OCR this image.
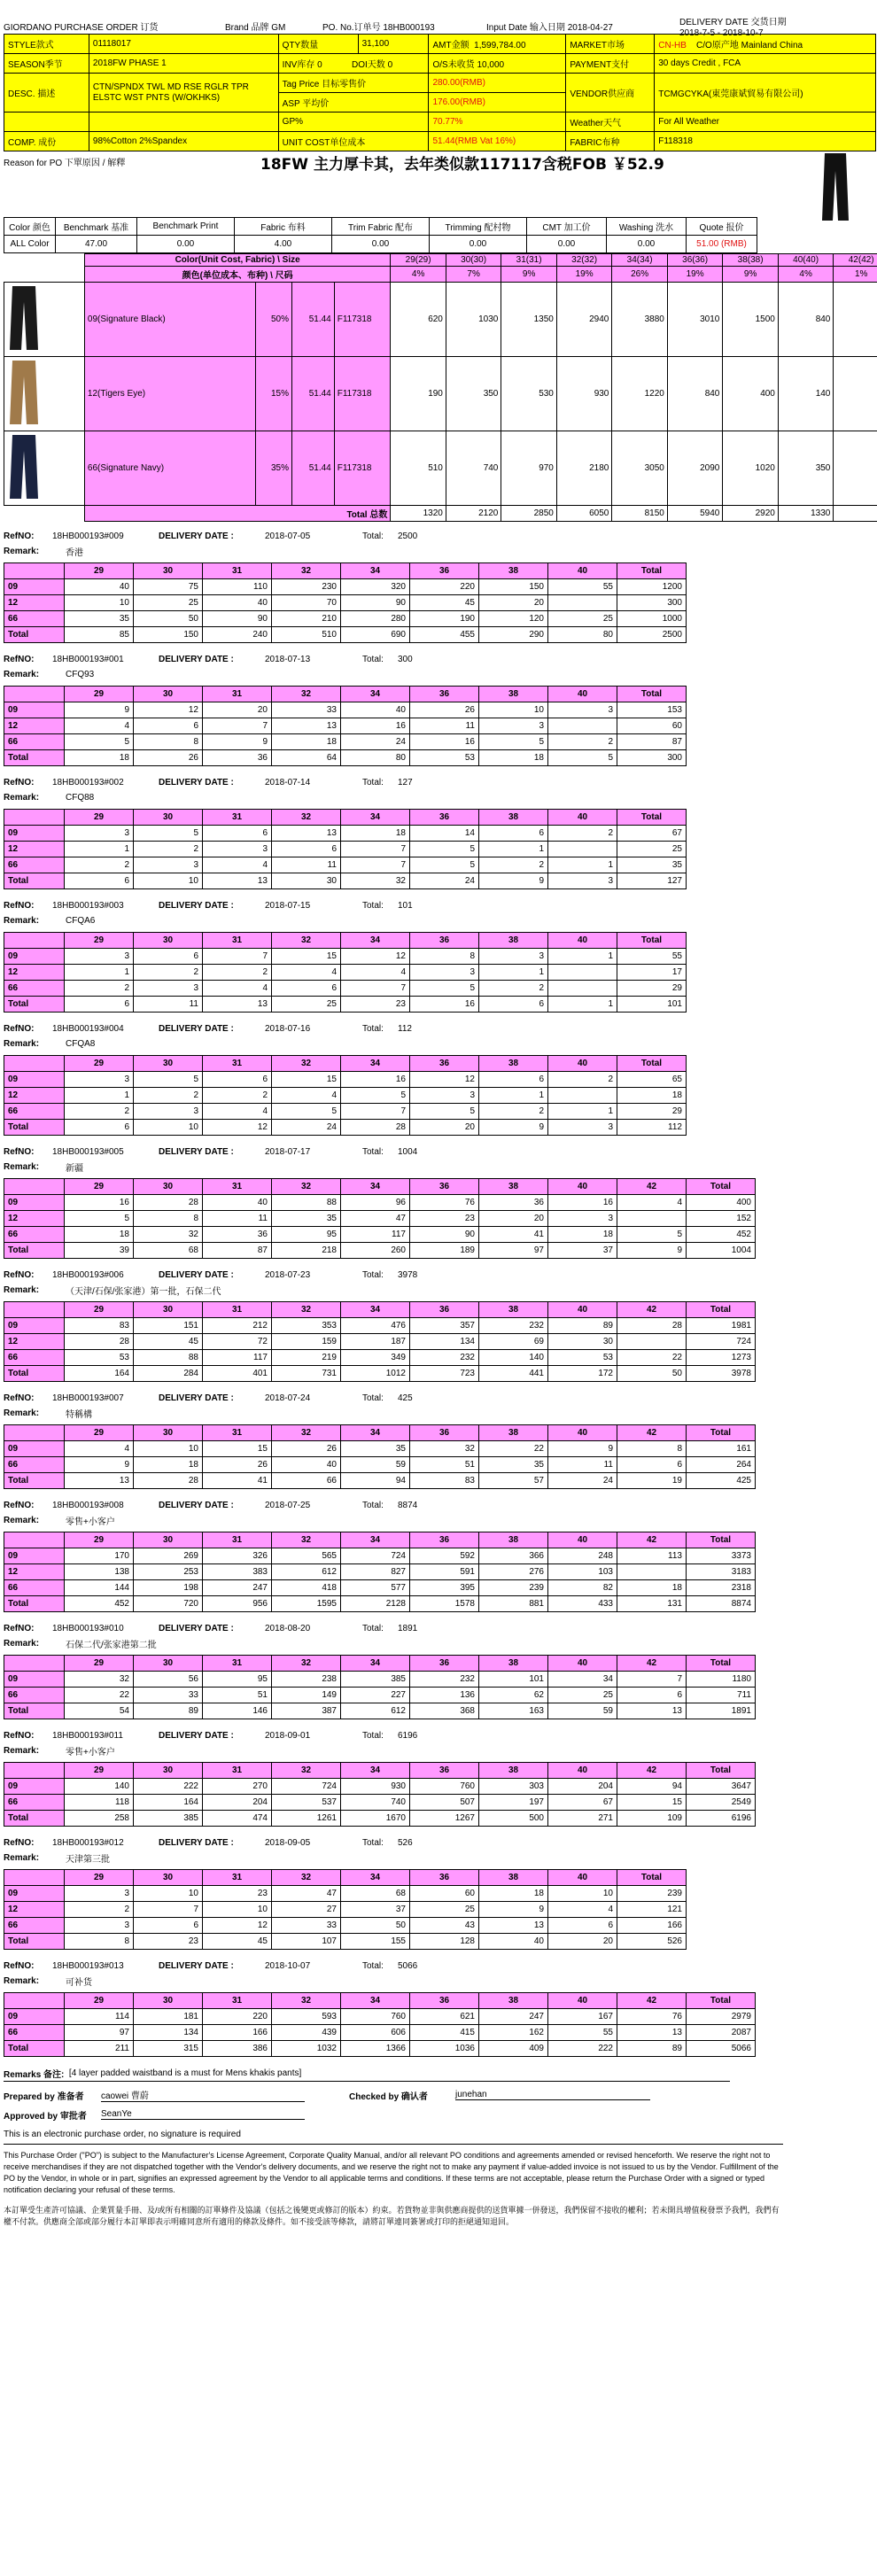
GIORDANO PURCHASE ORDER 订货	Brand 品牌 GM	PO. No.订单号 18HB000193	Input Date 输入日期 2018-04-27
DELIVERY DATE 交货日期 2018-7-5 - 2018-10-7
STYLE款式	01118017	QTY数量	31,100	AMT金额 1,599,784.00	MARKET市场	CN-HB C/O原产地 Mainland China
SEASON季节	2018FW PHASE 1	INV库存 0 DOI天数 0		O/S未收货 10,000	PAYMENT支付	30 days Credit , FCA
DESC. 描述	CTN/SPNDX TWL MD RSE RGLR TPR ELSTC WST PNTS (W/OKHKS)	Tag Price 目标零售价		280.00(RMB)	VENDOR供应商	TCMGCYKA(東莞康斌貿易有限公司)
		ASP 平均价		176.00(RMB)		
		GP%		70.77%	Weather天气	For All Weather
COMP. 成份	98%Cotton 2%Spandex	UNIT COST单位成本		51.44(RMB Vat 16%)	FABRIC布种	F118318
Reason for PO 下單原因 / 解釋	18FW 主力厚卡其，去年类似款117117含税FOB ￥52.9
Color 颜色	Benchmark 基准	Benchmark Print	Fabric 布料	Trim Fabric 配布	Trimming 配村物	CMT 加工价	Washing 洗水	Quote 报价
ALL Color	47.00	0.00	4.00	0.00	0.00	0.00	0.00	51.00 (RMB)
	Color(Unit Cost, Fabric) \ Size				29(29)	30(30)	31(31)	32(32)	34(34)	36(36)	38(38)	40(40)	42(42)
	颜色(单位成本、布种) \ 尺码				4%	7%	9%	19%	26%	19%	9%	4%	1%
	09(Signature Black)	50%	51.44	F117318	620	1030	1350	2940	3880	3010	1500	840	
	12(Tigers Eye)	15%	51.44	F117318	190	350	530	930	1220	840	400	140	
	66(Signature Navy)	35%	51.44	F117318	510	740	970	2180	3050	2090	1020	350	
	Total 总数				1320	2120	2850	6050	8150	5940	2920	1330	
RefNO:	18HB000193#009	DELIVERY DATE :	2018-07-05	Total:	2500
Remark:	香港
	29	30	31	32	34	36	38	40	Total
09	40	75	110	230	320	220	150	55	1200
12	10	25	40	70	90	45	20		300
66	35	50	90	210	280	190	120	25	1000
Total	85	150	240	510	690	455	290	80	2500
RefNO:	18HB000193#001	DELIVERY DATE :	2018-07-13	Total:	300
Remark:	CFQ93
	29	30	31	32	34	36	38	40	Total
09	9	12	20	33	40	26	10	3	153
12	4	6	7	13	16	11	3		60
66	5	8	9	18	24	16	5	2	87
Total	18	26	36	64	80	53	18	5	300
RefNO:	18HB000193#002	DELIVERY DATE :	2018-07-14	Total:	127
Remark:	CFQ88
	29	30	31	32	34	36	38	40	Total
09	3	5	6	13	18	14	6	2	67
12	1	2	3	6	7	5	1		25
66	2	3	4	11	7	5	2	1	35
Total	6	10	13	30	32	24	9	3	127
RefNO:	18HB000193#003	DELIVERY DATE :	2018-07-15	Total:	101
Remark:	CFQA6
	29	30	31	32	34	36	38	40	Total
09	3	6	7	15	12	8	3	1	55
12	1	2	2	4	4	3	1		17
66	2	3	4	6	7	5	2		29
Total	6	11	13	25	23	16	6	1	101
RefNO:	18HB000193#004	DELIVERY DATE :	2018-07-16	Total:	112
Remark:	CFQA8
	29	30	31	32	34	36	38	40	Total
09	3	5	6	15	16	12	6	2	65
12	1	2	2	4	5	3	1		18
66	2	3	4	5	7	5	2	1	29
Total	6	10	12	24	28	20	9	3	112
RefNO:	18HB000193#005	DELIVERY DATE :	2018-07-17	Total:	1004
Remark:	新疆
	29	30	31	32	34	36	38	40	42	Total
09	16	28	40	88	96	76	36	16	4	400
12	5	8	11	35	47	23	20	3		152
66	18	32	36	95	117	90	41	18	5	452
Total	39	68	87	218	260	189	97	37	9	1004
RefNO:	18HB000193#006	DELIVERY DATE :	2018-07-23	Total:	3978
Remark:	（天津/石保/张家港）第一批，石保二代
	29	30	31	32	34	36	38	40	42	Total
09	83	151	212	353	476	357	232	89	28	1981
12	28	45	72	159	187	134	69	30		724
66	53	88	117	219	349	232	140	53	22	1273
Total	164	284	401	731	1012	723	441	172	50	3978
RefNO:	18HB000193#007	DELIVERY DATE :	2018-07-24	Total:	425
Remark:	特稱構
	29	30	31	32	34	36	38	40	42	Total
09	4	10	15	26	35	32	22	9	8	161
66	9	18	26	40	59	51	35	11	6	264
Total	13	28	41	66	94	83	57	24	19	425
RefNO:	18HB000193#008	DELIVERY DATE :	2018-07-25	Total:	8874
Remark:	零售+小客户
	29	30	31	32	34	36	38	40	42	Total
09	170	269	326	565	724	592	366	248	113	3373
12	138	253	383	612	827	591	276	103		3183
66	144	198	247	418	577	395	239	82	18	2318
Total	452	720	956	1595	2128	1578	881	433	131	8874
RefNO:	18HB000193#010	DELIVERY DATE :	2018-08-20	Total:	1891
Remark:	石保二代/张家港第二批
	29	30	31	32	34	36	38	40	42	Total
09	32	56	95	238	385	232	101	34	7	1180
66	22	33	51	149	227	136	62	25	6	711
Total	54	89	146	387	612	368	163	59	13	1891
RefNO:	18HB000193#011	DELIVERY DATE :	2018-09-01	Total:	6196
Remark:	零售+小客户
	29	30	31	32	34	36	38	40	42	Total
09	140	222	270	724	930	760	303	204	94	3647
66	118	164	204	537	740	507	197	67	15	2549
Total	258	385	474	1261	1670	1267	500	271	109	6196
RefNO:	18HB000193#012	DELIVERY DATE :	2018-09-05	Total:	526
Remark:	天津第三批
	29	30	31	32	34	36	38	40	Total
09	3	10	23	47	68	60	18	10	239
12	2	7	10	27	37	25	9	4	121
66	3	6	12	33	50	43	13	6	166
Total	8	23	45	107	155	128	40	20	526
RefNO:	18HB000193#013	DELIVERY DATE :	2018-10-07	Total:	5066
Remark:	可补货
	29	30	31	32	34	36	38	40	42	Total
09	114	181	220	593	760	621	247	167	76	2979
66	97	134	166	439	606	415	162	55	13	2087
Total	211	315	386	1032	1366	1036	409	222	89	5066
Remarks 备注:
[4 layer padded waistband is a must for Mens khakis pants]
Prepared by 准备者	caowei 曹蔚	Checked by 确认者	junehan
Approved by 审批者	SeanYe
This is an electronic purchase order, no signature is required
This Purchase Order ("PO") is subject to the Manufacturer's License Agreement, Corporate Quality Manual, and/or all relevant PO conditions and agreements amended or revised henceforth. We reserve the right not to receive merchandises if they are not dispatched together with the Vendor's delivery documents, and we reserve the right not to make any payment if value-added invoice is not issued to us by the Vendor. Fulfillment of the PO by the Vendor, in whole or in part, signifies an expressed agreement by the Vendor to all applicable terms and conditions. If these terms are not acceptable, please return the Purchase Order with a signed or typed notification declaring your refusal of these terms.
本訂單受生產許可協議、企業質量手冊、及/或所有相關的訂單條件及協議（包括之後變更或修訂的版本）約束。若貨物並非與供應商提供的送貨單據一併發送，我們保留不接收的權利；若未開具增值稅發票予我們，我們有權不付款。供應商全部或部分履行本訂單即表示明確同意所有適用的條款及條件。如不接受該等條款，請將訂單連同簽署或打印的拒絕通知退回。
